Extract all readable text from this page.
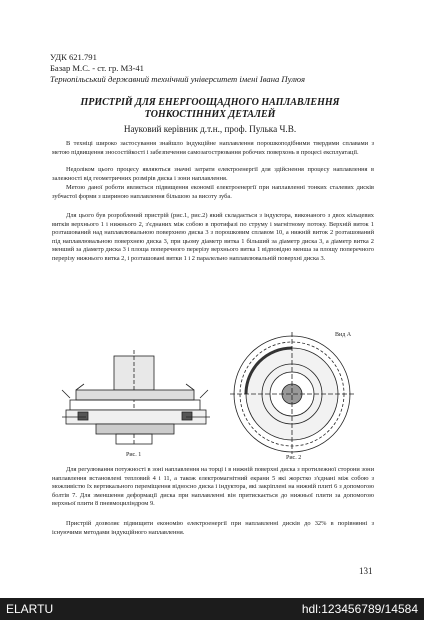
УДК 621.791
Базар М.С. - ст. гр. МЗ-41
Тернопільський державний технічний університет імені Івана Пулюя
ПРИСТРІЙ ДЛЯ ЕНЕРГООЩАДНОГО НАПЛАВЛЕННЯ
ТОНКОСТІННИХ ДЕТАЛЕЙ
Науковий керівник д.т.н., проф. Пулька Ч.В.
В техніці широко застосування знайшло індукційне наплавлення порошкоподібними твердими сплавами з метою підвищення зносостійкості і забезпечення самозагострювання робочих поверхонь в процесі експлуатації.
Недоліком цього процесу являються значні затрати електроенергії для здійснення процесу наплавлення в залежності від геометричних розмірів диска і зони наплавлення.
Метою даної роботи являється підвищення економії електроенергії при наплавленні тонких сталевих дисків зубчастої форми з шириною наплавлення більшою за висоту зуба.
Для цього був розроблений пристрій (рис.1, рис.2) який складається з індуктора, виконаного з двох кільцевих витків верхнього 1 і нижнього 2, з'єднаних між собою в протифазі по струму і магнітному потоку. Верхній виток 1 розташований над наплавлювальною поверхнею диска 3 з порошковим сплавом 10, а нижній виток 2 розташований під наплавлювальною поверхнею диска 3, при цьому діаметр витка 1 більший за діаметр диска 3, а діаметр витка 2 менший за діаметр диска 3 і площа поперечного перерізу верхнього витка 1 відповідно менша за площу поперечного перерізу нижнього витка 2, і розташовані витки 1 і 2 паралельно наплавлювальній поверхні диска 3.
Рис. 1
Вид А
Рис. 2
Для регулювання потужності в зоні наплавлення на торці і в нижній поверхні диска з протилежної сторони зони наплавлення встановлені тепловий 4 і 11, а також електромагнітний екрани 5 які жорстко з'єднані між собою з можливістю їх вертикального переміщення відносно диска і індуктора, які закріплені на нижній плиті 6 з допомогою болтів 7. Для зменшення деформації диска при наплавленні він притискається до нижньої плити за допомогою верхньої плити 8 пневмоциліндром 9.
Пристрій дозволяє підвищити економію електроенергії при наплавленні дисків до 32% в порівнянні з існуючими методами індукційного наплавлення.
131
ELARTU	hdl:123456789/14584
